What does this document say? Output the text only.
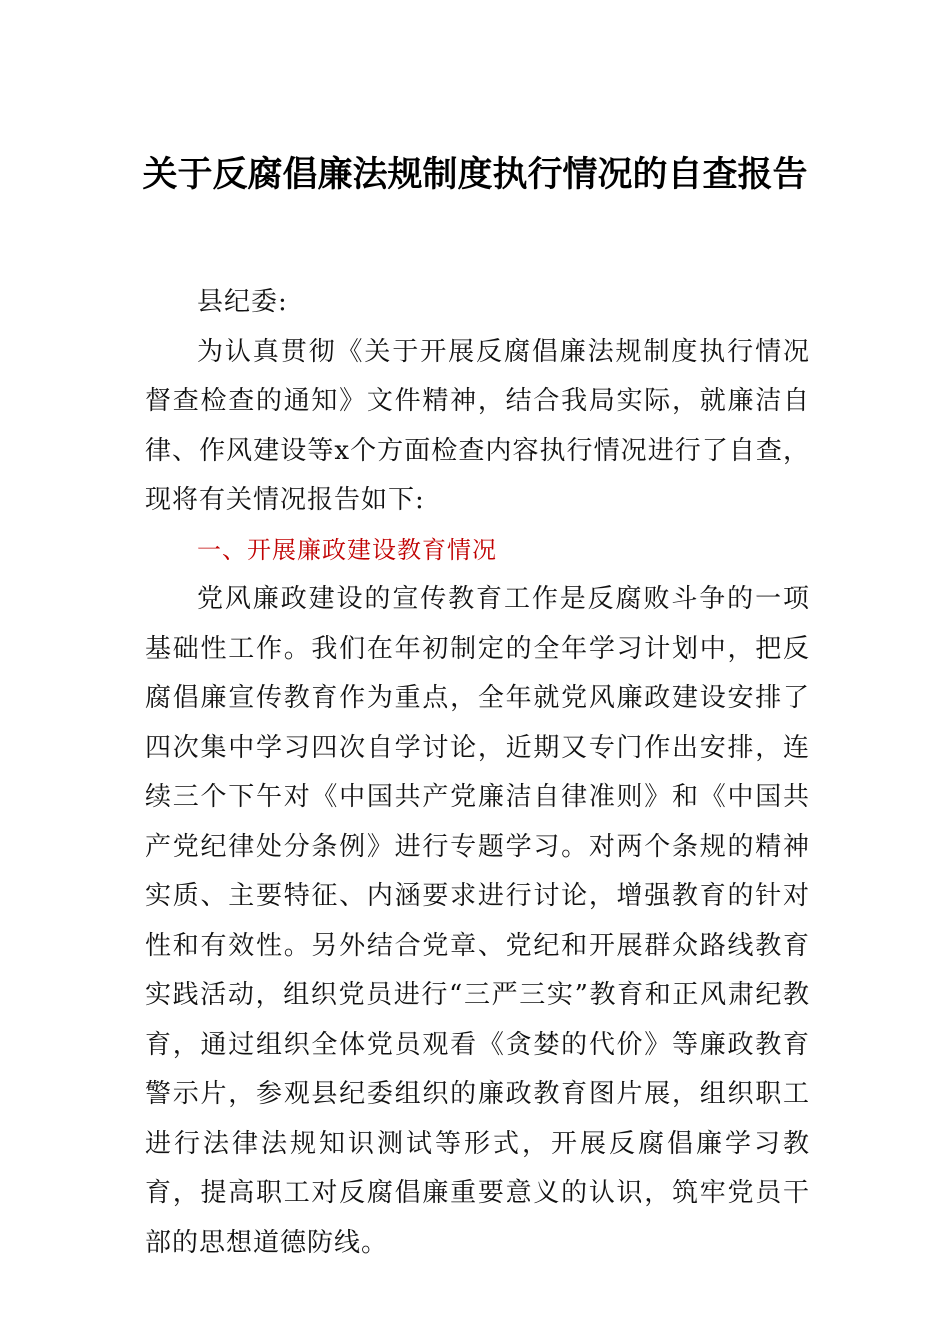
关于反腐倡廉法规制度执行情况的自查报告

县纪委:

为认真贯彻《关于开展反腐倡廉法规制度执行情况督查检查的通知》文件精神，结合我局实际，就廉洁自律、作风建设等x个方面检查内容执行情况进行了自查，现将有关情况报告如下:

一、开展廉政建设教育情况

党风廉政建设的宣传教育工作是反腐败斗争的一项基础性工作。我们在年初制定的全年学习计划中，把反腐倡廉宣传教育作为重点，全年就党风廉政建设安排了四次集中学习四次自学讨论，近期又专门作出安排，连续三个下午对《中国共产党廉洁自律准则》和《中国共产党纪律处分条例》进行专题学习。对两个条规的精神实质、主要特征、内涵要求进行讨论，增强教育的针对性和有效性。另外结合党章、党纪和开展群众路线教育实践活动，组织党员进行“三严三实”教育和正风肃纪教育，通过组织全体党员观看《贪婪的代价》等廉政教育警示片，参观县纪委组织的廉政教育图片展，组织职工进行法律法规知识测试等形式，开展反腐倡廉学习教育，提高职工对反腐倡廉重要意义的认识，筑牢党员干部的思想道德防线。
